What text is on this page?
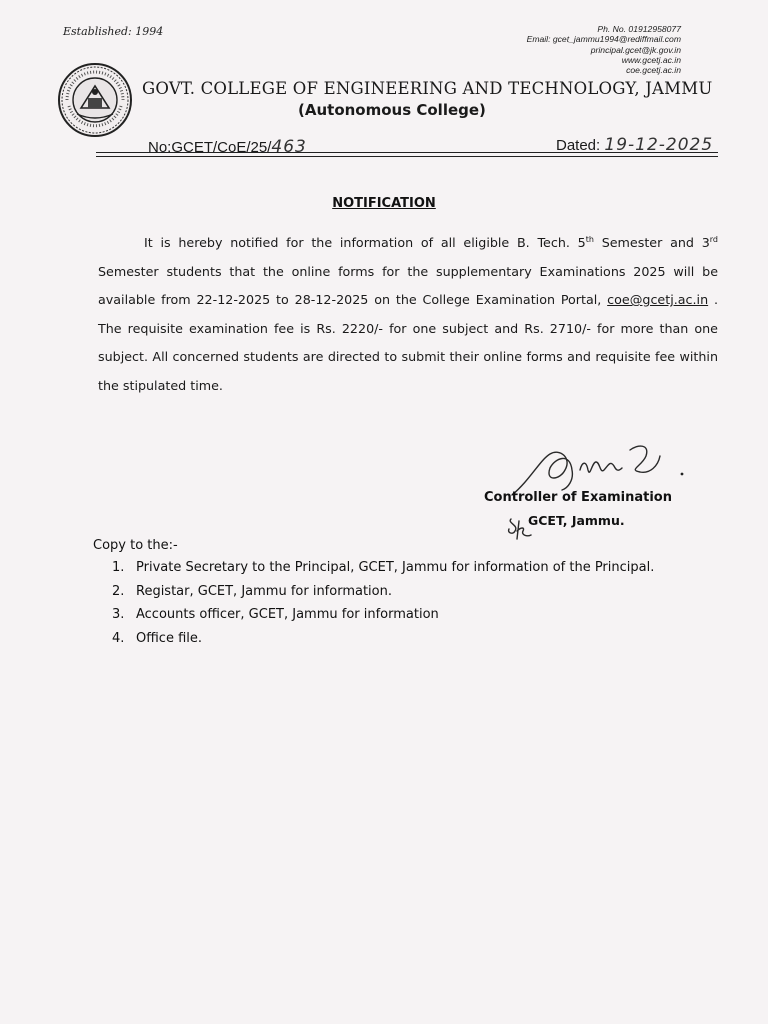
Established: 1994	Ph. No. 01912958077
Email: gcet_jammu1994@rediffmail.com
principal.gcet@jk.gov.in
www.gcetj.ac.in
coe.gcetj.ac.in
GOVT. COLLEGE OF ENGINEERING AND TECHNOLOGY, JAMMU
(Autonomous College)
No:GCET/CoE/25/463	Dated: 19-12-2025
NOTIFICATION
It is hereby notified for the information of all eligible B. Tech. 5th Semester and 3rd Semester students that the online forms for the supplementary Examinations 2025 will be available from 22-12-2025 to 28-12-2025 on the College Examination Portal, coe@gcetj.ac.in . The requisite examination fee is Rs. 2220/- for one subject and Rs. 2710/- for more than one subject. All concerned students are directed to submit their online forms and requisite fee within the stipulated time.
Controller of Examination
GCET, Jammu.
Copy to the:-
1. Private Secretary to the Principal, GCET, Jammu for information of the Principal.
2. Registar, GCET, Jammu for information.
3. Accounts officer, GCET, Jammu for information
4. Office file.
